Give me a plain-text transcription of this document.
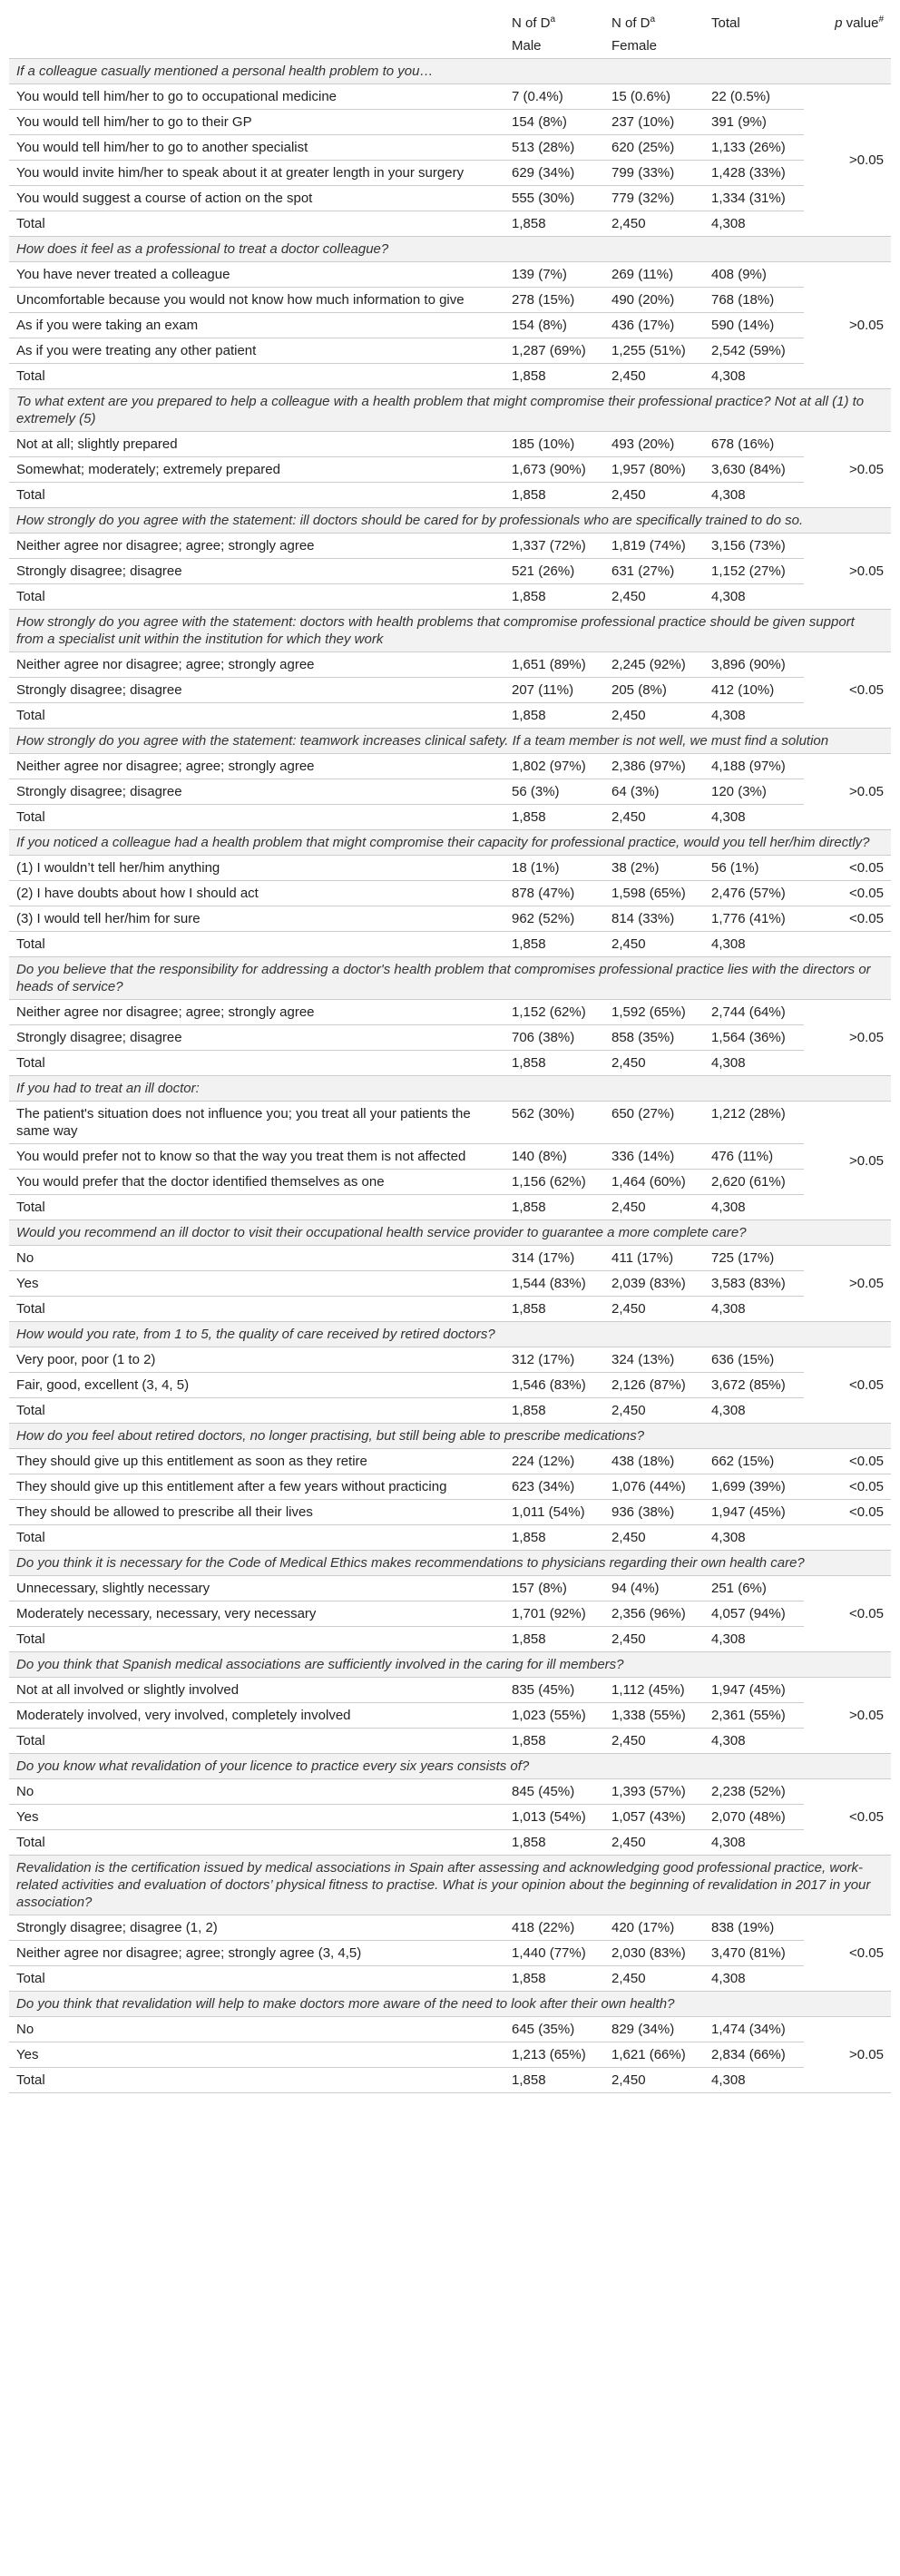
	N of $D^a$	N of $D^a$	Total	p value#
	Male	Female		
If a colleague casually mentioned a personal health problem to you…				
You would tell him/her to go to occupational medicine	7 (0.4%)	15 (0.6%)	22 (0.5%)	>0.05
You would tell him/her to go to their GP	154 (8%)	237 (10%)	391 (9%)	
You would tell him/her to go to another specialist	513 (28%)	620 (25%)	1,133 (26%)	
You would invite him/her to speak about it at greater length in your surgery	629 (34%)	799 (33%)	1,428 (33%)	
You would suggest a course of action on the spot	555 (30%)	779 (32%)	1,334 (31%)	
Total	1,858	2,450	4,308	
How does it feel as a professional to treat a doctor colleague?				
You have never treated a colleague	139 (7%)	269 (11%)	408 (9%)	>0.05
Uncomfortable because you would not know how much information to give	278 (15%)	490 (20%)	768 (18%)	
As if you were taking an exam	154 (8%)	436 (17%)	590 (14%)	
As if you were treating any other patient	1,287 (69%)	1,255 (51%)	2,542 (59%)	
Total	1,858	2,450	4,308	
To what extent are you prepared to help a colleague with a health problem that might compromise their professional practice? Not at all (1) to extremely (5)				
Not at all; slightly prepared	185 (10%)	493 (20%)	678 (16%)	>0.05
Somewhat; moderately; extremely prepared	1,673 (90%)	1,957 (80%)	3,630 (84%)	
Total	1,858	2,450	4,308	
How strongly do you agree with the statement: ill doctors should be cared for by professionals who are specifically trained to do so.				
Neither agree nor disagree; agree; strongly agree	1,337 (72%)	1,819 (74%)	3,156 (73%)	>0.05
Strongly disagree; disagree	521 (26%)	631 (27%)	1,152 (27%)	
Total	1,858	2,450	4,308	
How strongly do you agree with the statement: doctors with health problems that compromise professional practice should be given support from a specialist unit within the institution for which they work				
Neither agree nor disagree; agree; strongly agree	1,651 (89%)	2,245 (92%)	3,896 (90%)	<0.05
Strongly disagree; disagree	207 (11%)	205 (8%)	412 (10%)	
Total	1,858	2,450	4,308	
How strongly do you agree with the statement: teamwork increases clinical safety. If a team member is not well, we must find a solution				
Neither agree nor disagree; agree; strongly agree	1,802 (97%)	2,386 (97%)	4,188 (97%)	>0.05
Strongly disagree; disagree	56 (3%)	64 (3%)	120 (3%)	
Total	1,858	2,450	4,308	
If you noticed a colleague had a health problem that might compromise their capacity for professional practice, would you tell her/him directly?				
(1) I wouldn’t tell her/him anything	18 (1%)	38 (2%)	56 (1%)	<0.05
(2) I have doubts about how I should act	878 (47%)	1,598 (65%)	2,476 (57%)	<0.05
(3) I would tell her/him for sure	962 (52%)	814 (33%)	1,776 (41%)	<0.05
Total	1,858	2,450	4,308	
Do you believe that the responsibility for addressing a doctor's health problem that compromises professional practice lies with the directors or heads of service?				
Neither agree nor disagree; agree; strongly agree	1,152 (62%)	1,592 (65%)	2,744 (64%)	>0.05
Strongly disagree; disagree	706 (38%)	858 (35%)	1,564 (36%)	
Total	1,858	2,450	4,308	
If you had to treat an ill doctor:				
The patient's situation does not influence you; you treat all your patients the same way	562 (30%)	650 (27%)	1,212 (28%)	>0.05
You would prefer not to know so that the way you treat them is not affected	140 (8%)	336 (14%)	476 (11%)	
You would prefer that the doctor identified themselves as one	1,156 (62%)	1,464 (60%)	2,620 (61%)	
Total	1,858	2,450	4,308	
Would you recommend an ill doctor to visit their occupational health service provider to guarantee a more complete care?				
No	314 (17%)	411 (17%)	725 (17%)	>0.05
Yes	1,544 (83%)	2,039 (83%)	3,583 (83%)	
Total	1,858	2,450	4,308	
How would you rate, from 1 to 5, the quality of care received by retired doctors?				
Very poor, poor (1 to 2)	312 (17%)	324 (13%)	636 (15%)	<0.05
Fair, good, excellent (3, 4, 5)	1,546 (83%)	2,126 (87%)	3,672 (85%)	
Total	1,858	2,450	4,308	
How do you feel about retired doctors, no longer practising, but still being able to prescribe medications?				
They should give up this entitlement as soon as they retire	224 (12%)	438 (18%)	662 (15%)	<0.05
They should give up this entitlement after a few years without practicing	623 (34%)	1,076 (44%)	1,699 (39%)	<0.05
They should be allowed to prescribe all their lives	1,011 (54%)	936 (38%)	1,947 (45%)	<0.05
Total	1,858	2,450	4,308	
Do you think it is necessary for the Code of Medical Ethics makes recommendations to physicians regarding their own health care?				
Unnecessary, slightly necessary	157 (8%)	94 (4%)	251 (6%)	<0.05
Moderately necessary, necessary, very necessary	1,701 (92%)	2,356 (96%)	4,057 (94%)	
Total	1,858	2,450	4,308	
Do you think that Spanish medical associations are sufficiently involved in the caring for ill members?				
Not at all involved or slightly involved	835 (45%)	1,112 (45%)	1,947 (45%)	>0.05
Moderately involved, very involved, completely involved	1,023 (55%)	1,338 (55%)	2,361 (55%)	
Total	1,858	2,450	4,308	
Do you know what revalidation of your licence to practice every six years consists of?				
No	845 (45%)	1,393 (57%)	2,238 (52%)	<0.05
Yes	1,013 (54%)	1,057 (43%)	2,070 (48%)	
Total	1,858	2,450	4,308	
Revalidation is the certification issued by medical associations in Spain after assessing and acknowledging good professional practice, work-related activities and evaluation of doctors’ physical fitness to practise. What is your opinion about the beginning of revalidation in 2017 in your association?				
Strongly disagree; disagree (1, 2)	418 (22%)	420 (17%)	838 (19%)	<0.05
Neither agree nor disagree; agree; strongly agree (3, 4,5)	1,440 (77%)	2,030 (83%)	3,470 (81%)	
Total	1,858	2,450	4,308	
Do you think that revalidation will help to make doctors more aware of the need to look after their own health?				
No	645 (35%)	829 (34%)	1,474 (34%)	>0.05
Yes	1,213 (65%)	1,621 (66%)	2,834 (66%)	
Total	1,858	2,450	4,308	
